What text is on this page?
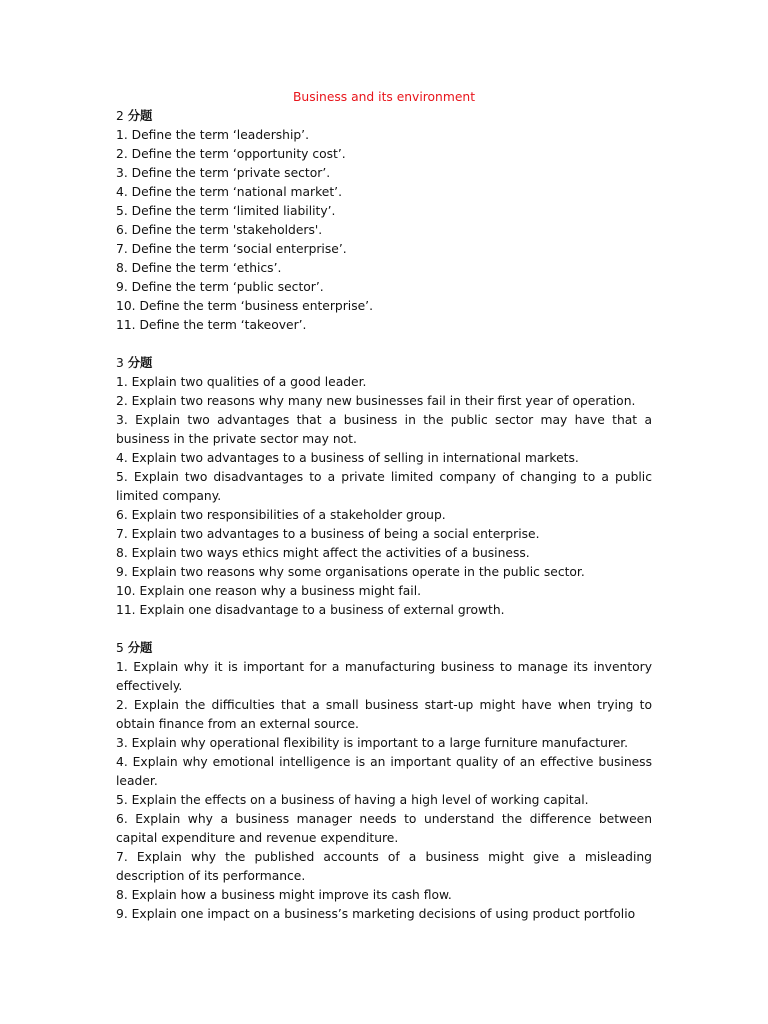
Business and its environment

2 分题

1. Define the term ‘leadership’.
2. Define the term ‘opportunity cost’.
3. Define the term ‘private sector’.
4. Define the term ‘national market’.
5. Define the term ‘limited liability’.
6. Define the term 'stakeholders'.
7. Define the term ‘social enterprise’.
8. Define the term ‘ethics’.
9. Define the term ‘public sector’.
10. Define the term ‘business enterprise’.
11. Define the term ‘takeover’.

3 分题

1. Explain two qualities of a good leader.
2. Explain two reasons why many new businesses fail in their first year of operation.
3. Explain two advantages that a business in the public sector may have that a business in the private sector may not.
4. Explain two advantages to a business of selling in international markets.
5. Explain two disadvantages to a private limited company of changing to a public limited company.
6. Explain two responsibilities of a stakeholder group.
7. Explain two advantages to a business of being a social enterprise.
8. Explain two ways ethics might affect the activities of a business.
9. Explain two reasons why some organisations operate in the public sector.
10. Explain one reason why a business might fail.
11. Explain one disadvantage to a business of external growth.

5 分题

1. Explain why it is important for a manufacturing business to manage its inventory effectively.
2. Explain the difficulties that a small business start-up might have when trying to obtain finance from an external source.
3. Explain why operational flexibility is important to a large furniture manufacturer.
4. Explain why emotional intelligence is an important quality of an effective business leader.
5. Explain the effects on a business of having a high level of working capital.
6. Explain why a business manager needs to understand the difference between capital expenditure and revenue expenditure.
7. Explain why the published accounts of a business might give a misleading description of its performance.
8. Explain how a business might improve its cash flow.
9. Explain one impact on a business’s marketing decisions of using product portfolio
